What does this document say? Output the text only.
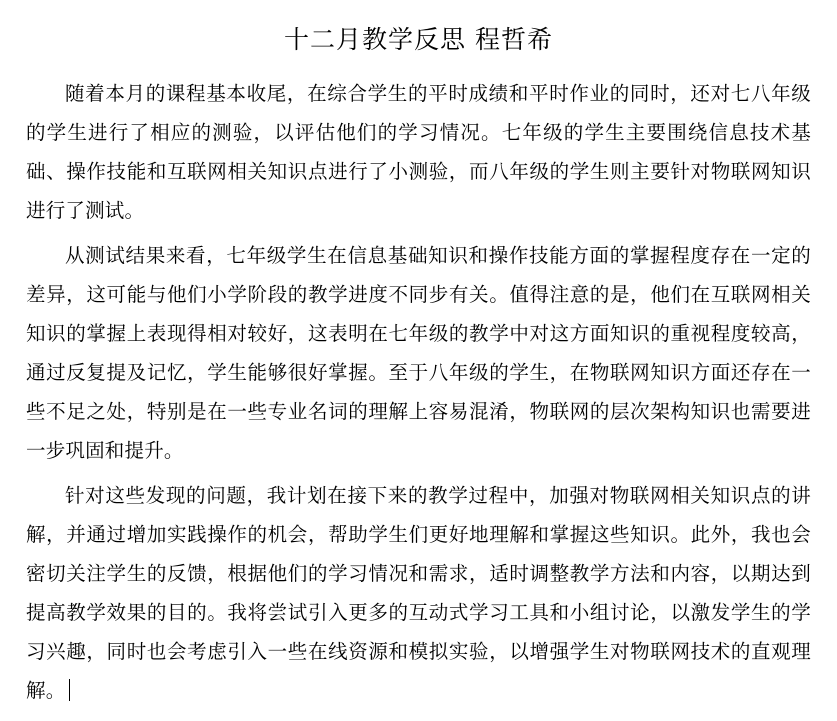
十二月教学反思 程哲希

随着本月的课程基本收尾，在综合学生的平时成绩和平时作业的同时，还对七八年级的学生进行了相应的测验，以评估他们的学习情况。七年级的学生主要围绕信息技术基础、操作技能和互联网相关知识点进行了小测验，而八年级的学生则主要针对物联网知识进行了测试。

从测试结果来看，七年级学生在信息基础知识和操作技能方面的掌握程度存在一定的差异，这可能与他们小学阶段的教学进度不同步有关。值得注意的是，他们在互联网相关知识的掌握上表现得相对较好，这表明在七年级的教学中对这方面知识的重视程度较高，通过反复提及记忆，学生能够很好掌握。至于八年级的学生，在物联网知识方面还存在一些不足之处，特别是在一些专业名词的理解上容易混淆，物联网的层次架构知识也需要进一步巩固和提升。

针对这些发现的问题，我计划在接下来的教学过程中，加强对物联网相关知识点的讲解，并通过增加实践操作的机会，帮助学生们更好地理解和掌握这些知识。此外，我也会密切关注学生的反馈，根据他们的学习情况和需求，适时调整教学方法和内容，以期达到提高教学效果的目的。我将尝试引入更多的互动式学习工具和小组讨论，以激发学生的学习兴趣，同时也会考虑引入一些在线资源和模拟实验，以增强学生对物联网技术的直观理解。
